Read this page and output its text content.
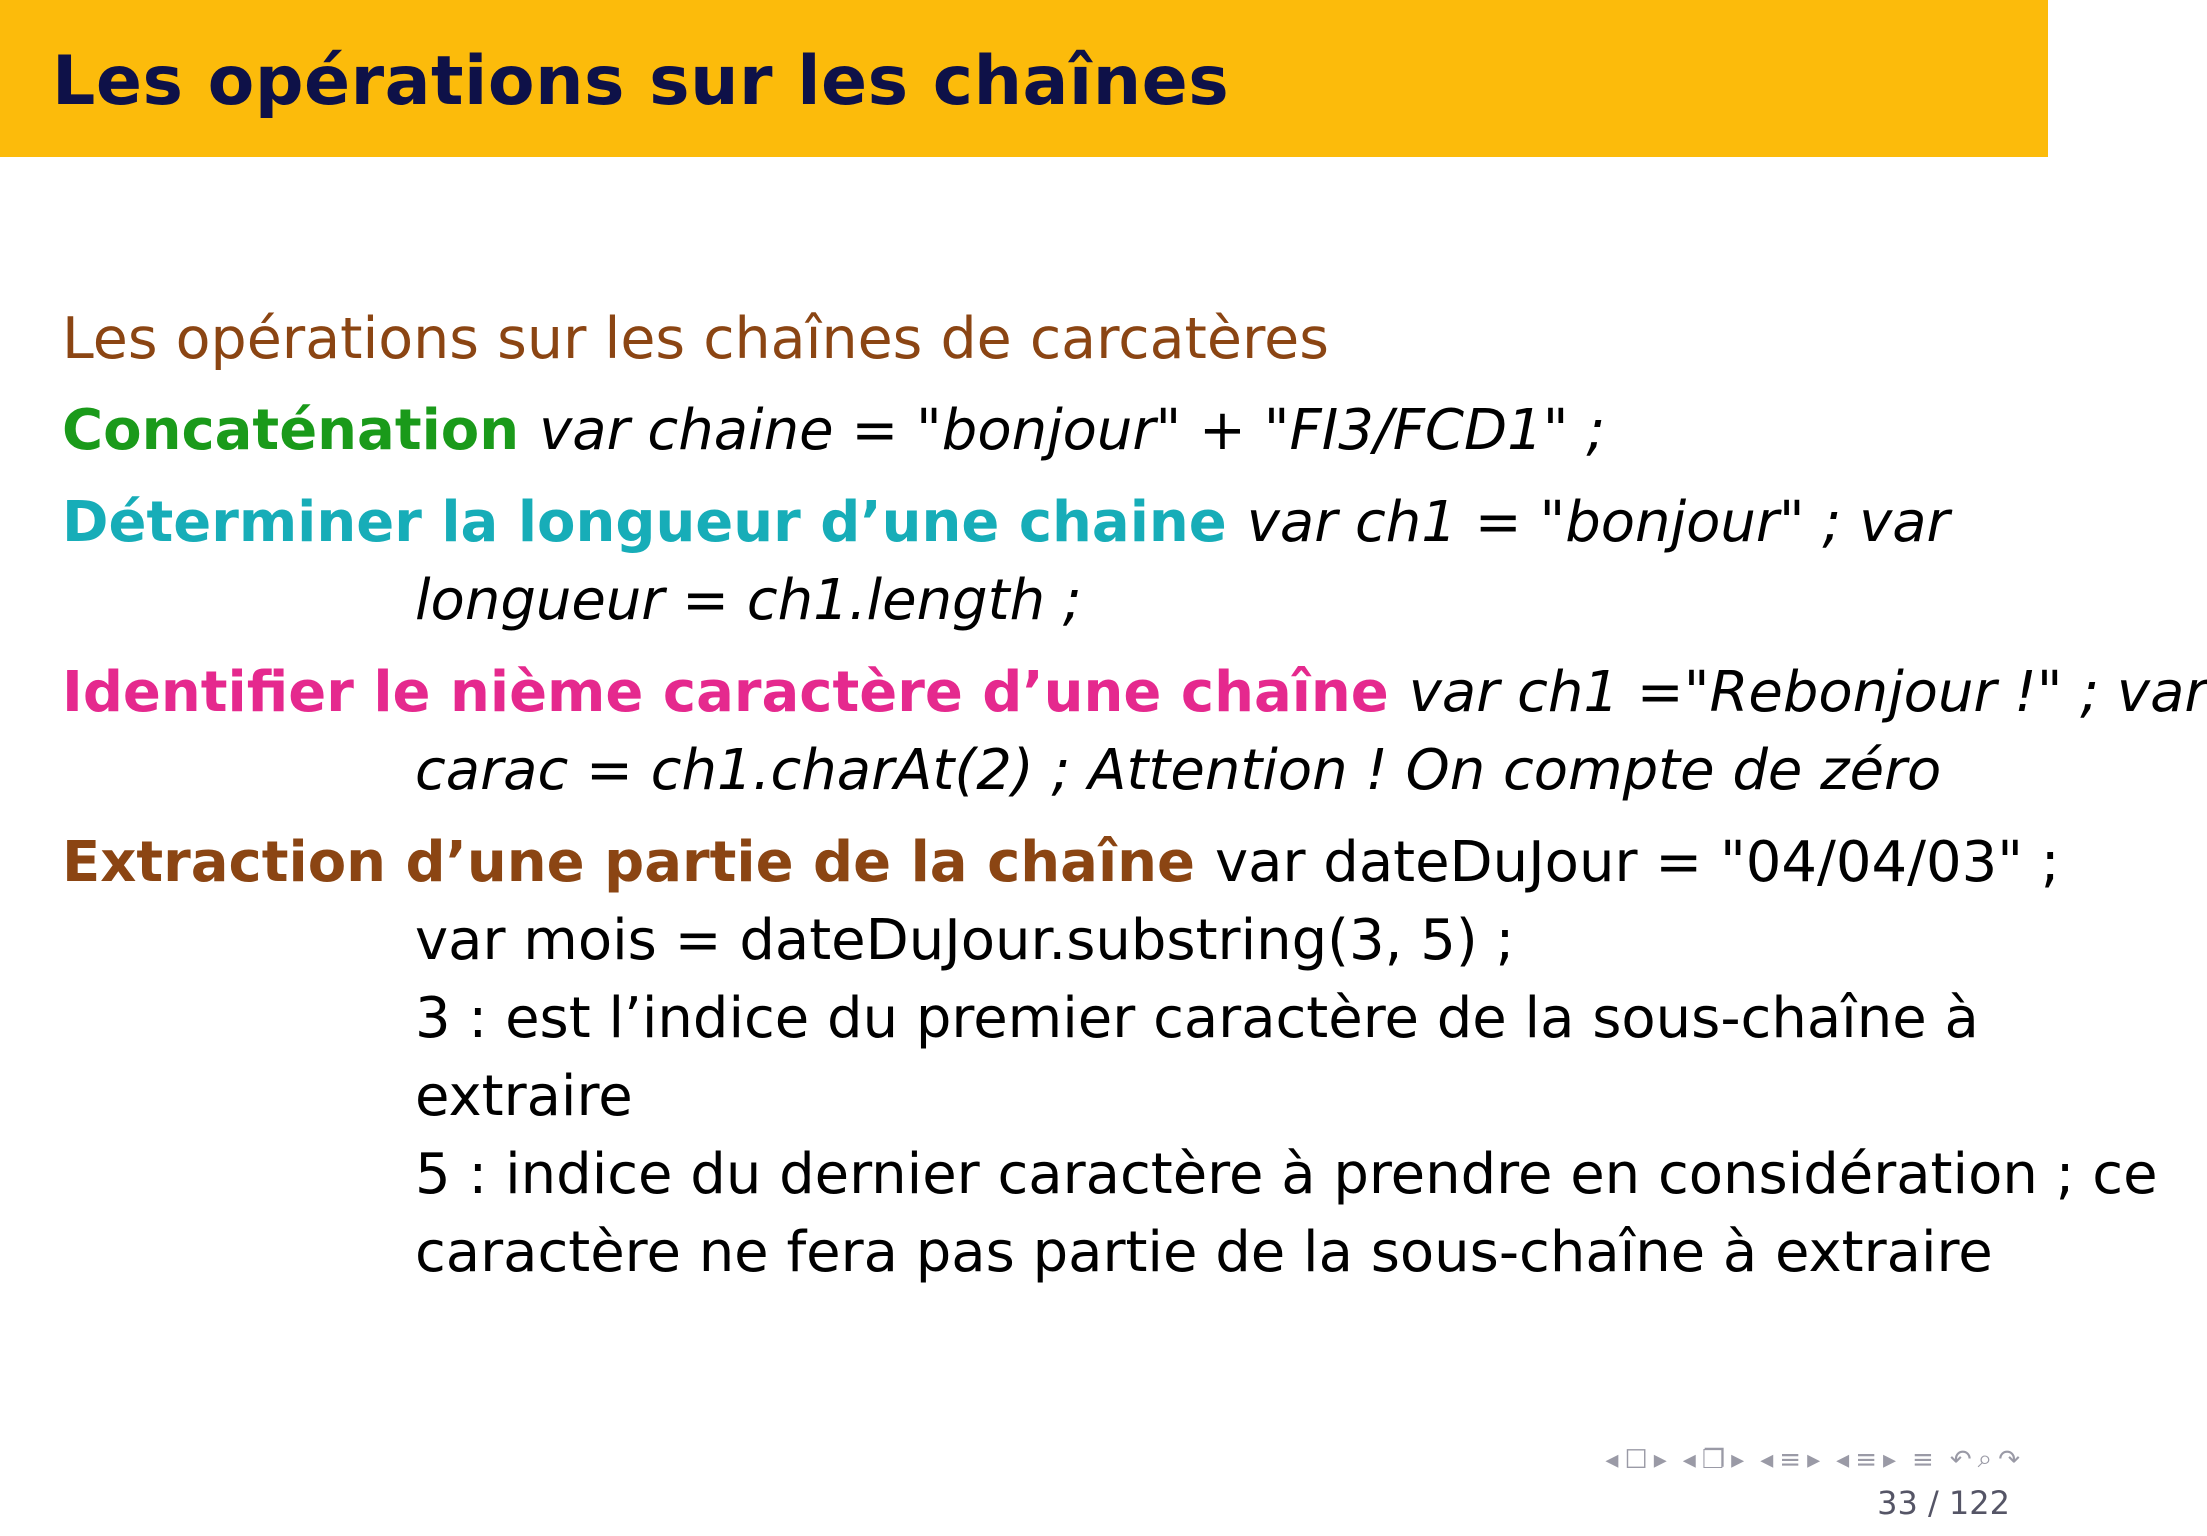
Les opérations sur les chaînes
Les opérations sur les chaînes de carcatères
Concaténation var chaine = "bonjour" + "FI3/FCD1" ;
Déterminer la longueur d’une chaine var ch1 = "bonjour" ; var
longueur = ch1.length ;
Identifier le nième caractère d’une chaîne var ch1 ="Rebonjour !" ; var
carac = ch1.charAt(2) ; Attention ! On compte de zéro
Extraction d’une partie de la chaîne var dateDuJour = "04/04/03" ;
var mois = dateDuJour.substring(3, 5) ;
3 : est l’indice du premier caractère de la sous-chaîne à
extraire
5 : indice du dernier caractère à prendre en considération ; ce
caractère ne fera pas partie de la sous-chaîne à extraire
◂ ☐ ▸ ◂ ❐ ▸ ◂ ≡ ▸ ◂ ≡ ▸ ≡ ↶ ⌕ ↷
33 / 122
